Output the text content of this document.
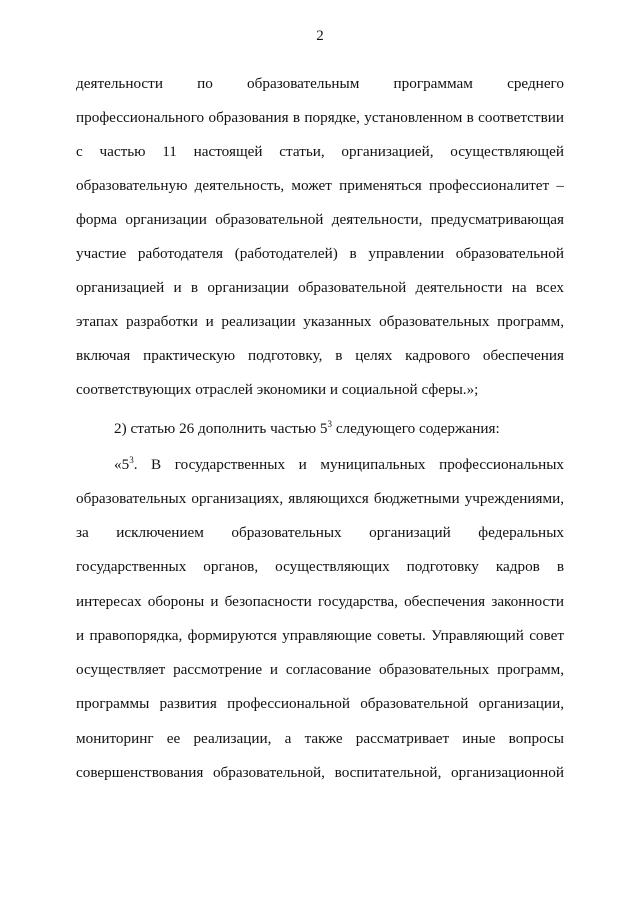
2
деятельности по образовательным программам среднего
профессионального образования в порядке, установленном в соответствии
с частью 11 настоящей статьи, организацией, осуществляющей
образовательную деятельность, может применяться профессионалитет –
форма организации образовательной деятельности, предусматривающая
участие работодателя (работодателей) в управлении образовательной
организацией и в организации образовательной деятельности на всех
этапах разработки и реализации указанных образовательных программ,
включая практическую подготовку, в целях кадрового обеспечения
соответствующих отраслей экономики и социальной сферы.»;
2) статью 26 дополнить частью $5^3$ следующего содержания:
«$5^3$. В государственных и муниципальных профессиональных
образовательных организациях, являющихся бюджетными учреждениями,
за исключением образовательных организаций федеральных
государственных органов, осуществляющих подготовку кадров в
интересах обороны и безопасности государства, обеспечения законности
и правопорядка, формируются управляющие советы. Управляющий совет
осуществляет рассмотрение и согласование образовательных программ,
программы развития профессиональной образовательной организации,
мониторинг ее реализации, а также рассматривает иные вопросы
совершенствования образовательной, воспитательной, организационной
